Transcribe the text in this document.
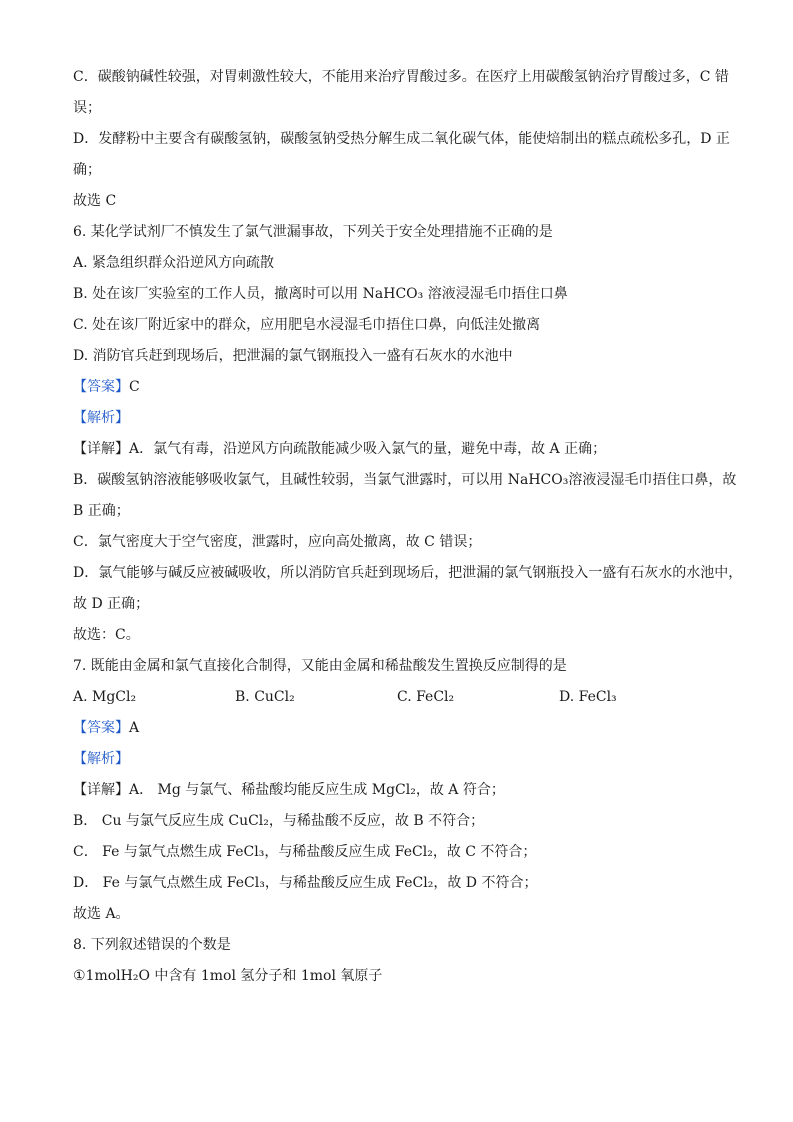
C．碳酸钠碱性较强，对胃刺激性较大，不能用来治疗胃酸过多。在医疗上用碳酸氢钠治疗胃酸过多，C 错
误；
D．发酵粉中主要含有碳酸氢钠，碳酸氢钠受热分解生成二氧化碳气体，能使焙制出的糕点疏松多孔，D 正
确；
故选 C
6. 某化学试剂厂不慎发生了氯气泄漏事故，下列关于安全处理措施不正确的是
A. 紧急组织群众沿逆风方向疏散
B. 处在该厂实验室的工作人员，撤离时可以用 NaHCO₃ 溶液浸湿毛巾捂住口鼻
C. 处在该厂附近家中的群众，应用肥皂水浸湿毛巾捂住口鼻，向低洼处撤离
D. 消防官兵赶到现场后，把泄漏的氯气钢瓶投入一盛有石灰水的水池中
【答案】C
【解析】
【详解】A．氯气有毒，沿逆风方向疏散能减少吸入氯气的量，避免中毒，故 A 正确；
B．碳酸氢钠溶液能够吸收氯气，且碱性较弱，当氯气泄露时，可以用 NaHCO₃溶液浸湿毛巾捂住口鼻，故
B 正确；
C．氯气密度大于空气密度，泄露时，应向高处撤离，故 C 错误；
D．氯气能够与碱反应被碱吸收，所以消防官兵赶到现场后，把泄漏的氯气钢瓶投入一盛有石灰水的水池中，
故 D 正确；
故选：C。
7. 既能由金属和氯气直接化合制得，又能由金属和稀盐酸发生置换反应制得的是
A. MgCl₂	B. CuCl₂	C. FeCl₂	D. FeCl₃
【答案】A
【解析】
【详解】A． Mg 与氯气、稀盐酸均能反应生成 MgCl₂，故 A 符合；
B． Cu 与氯气反应生成 CuCl₂，与稀盐酸不反应，故 B 不符合；
C． Fe 与氯气点燃生成 FeCl₃，与稀盐酸反应生成 FeCl₂，故 C 不符合；
D． Fe 与氯气点燃生成 FeCl₃，与稀盐酸反应生成 FeCl₂，故 D 不符合；
故选 A。
8. 下列叙述错误的个数是
①1molH₂O 中含有 1mol 氢分子和 1mol 氧原子
